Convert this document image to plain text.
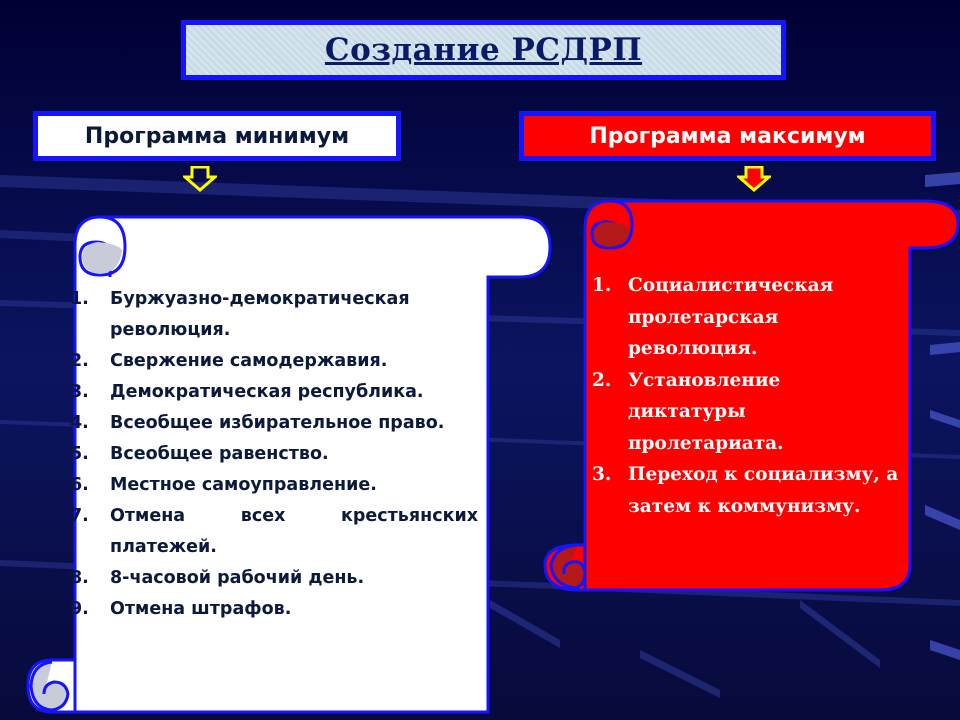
Создание РСДРП
Программа минимум	Программа максимум
1.	Буржуазно-демократическая революция.
2.	Свержение самодержавия.
3.	Демократическая республика.
4.	Всеобщее избирательное право.
5.	Всеобщее равенство.
6.	Местное самоуправление.
7.	Отмена всех крестьянских платежей.
8.	8-часовой рабочий день.
9.	Отмена штрафов.
1. Социалистическая пролетарская революция.
2. Установление диктатуры пролетариата.
3. Переход к социализму, а затем к коммунизму.
